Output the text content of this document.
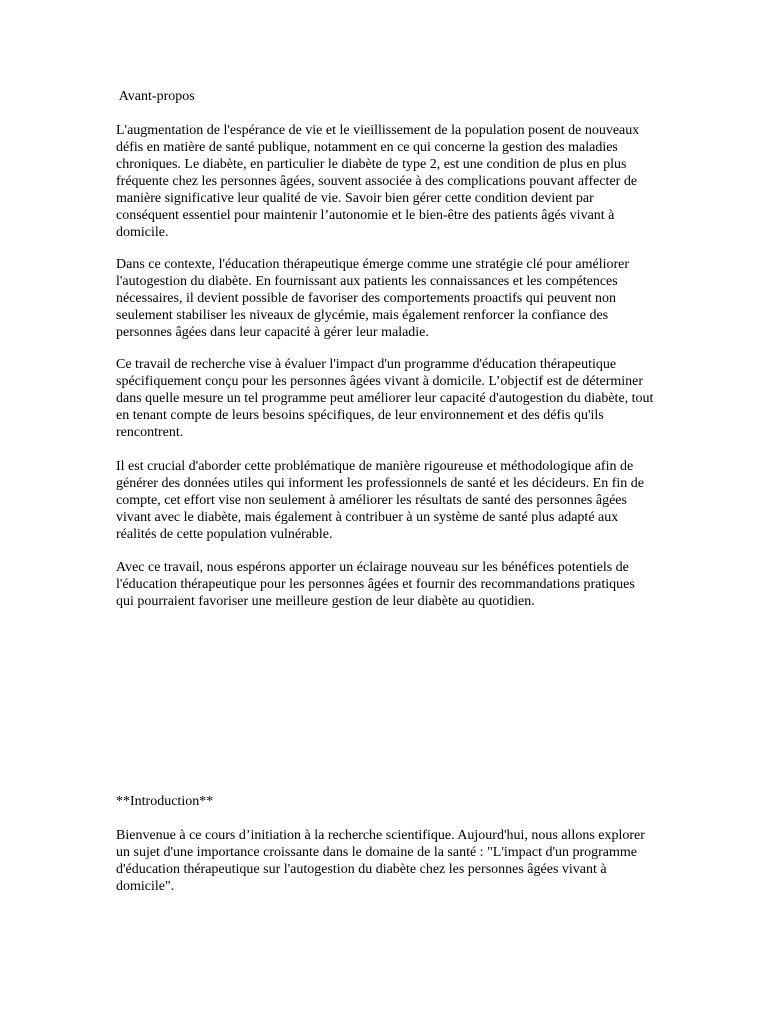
Avant-propos

L'augmentation de l'espérance de vie et le vieillissement de la population posent de nouveaux défis en matière de santé publique, notamment en ce qui concerne la gestion des maladies chroniques. Le diabète, en particulier le diabète de type 2, est une condition de plus en plus fréquente chez les personnes âgées, souvent associée à des complications pouvant affecter de manière significative leur qualité de vie. Savoir bien gérer cette condition devient par conséquent essentiel pour maintenir l’autonomie et le bien-être des patients âgés vivant à domicile.

Dans ce contexte, l'éducation thérapeutique émerge comme une stratégie clé pour améliorer l'autogestion du diabète. En fournissant aux patients les connaissances et les compétences nécessaires, il devient possible de favoriser des comportements proactifs qui peuvent non seulement stabiliser les niveaux de glycémie, mais également renforcer la confiance des personnes âgées dans leur capacité à gérer leur maladie.

Ce travail de recherche vise à évaluer l'impact d'un programme d'éducation thérapeutique spécifiquement conçu pour les personnes âgées vivant à domicile. L’objectif est de déterminer dans quelle mesure un tel programme peut améliorer leur capacité d'autogestion du diabète, tout en tenant compte de leurs besoins spécifiques, de leur environnement et des défis qu'ils rencontrent.

Il est crucial d'aborder cette problématique de manière rigoureuse et méthodologique afin de générer des données utiles qui informent les professionnels de santé et les décideurs. En fin de compte, cet effort vise non seulement à améliorer les résultats de santé des personnes âgées vivant avec le diabète, mais également à contribuer à un système de santé plus adapté aux réalités de cette population vulnérable.

Avec ce travail, nous espérons apporter un éclairage nouveau sur les bénéfices potentiels de l'éducation thérapeutique pour les personnes âgées et fournir des recommandations pratiques qui pourraient favoriser une meilleure gestion de leur diabète au quotidien.

**Introduction**

Bienvenue à ce cours d’initiation à la recherche scientifique. Aujourd'hui, nous allons explorer un sujet d'une importance croissante dans le domaine de la santé : "L'impact d'un programme d'éducation thérapeutique sur l'autogestion du diabète chez les personnes âgées vivant à domicile".
